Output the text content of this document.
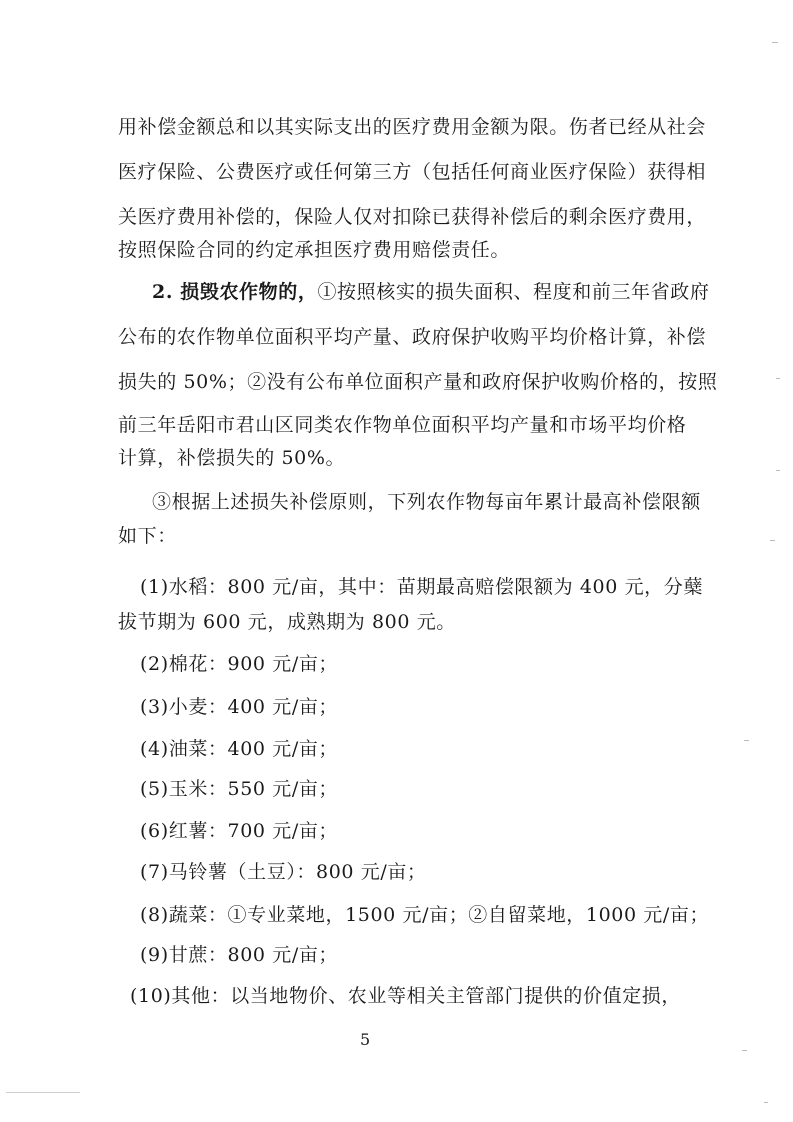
用补偿金额总和以其实际支出的医疗费用金额为限。伤者已经从社会
医疗保险、公费医疗或任何第三方（包括任何商业医疗保险）获得相
关医疗费用补偿的，保险人仅对扣除已获得补偿后的剩余医疗费用，
按照保险合同的约定承担医疗费用赔偿责任。
2. 损毁农作物的，①按照核实的损失面积、程度和前三年省政府
公布的农作物单位面积平均产量、政府保护收购平均价格计算，补偿
损失的 50%；②没有公布单位面积产量和政府保护收购价格的，按照
前三年岳阳市君山区同类农作物单位面积平均产量和市场平均价格
计算，补偿损失的 50%。
③根据上述损失补偿原则，下列农作物每亩年累计最高补偿限额
如下：
(1)水稻：800 元/亩，其中：苗期最高赔偿限额为 400 元，分蘖
拔节期为 600 元，成熟期为 800 元。
(2)棉花：900 元/亩；
(3)小麦：400 元/亩；
(4)油菜：400 元/亩；
(5)玉米：550 元/亩；
(6)红薯：700 元/亩；
(7)马铃薯（土豆）：800 元/亩；
(8)蔬菜：①专业菜地，1500 元/亩；②自留菜地，1000 元/亩；
(9)甘蔗：800 元/亩；
(10)其他：以当地物价、农业等相关主管部门提供的价值定损，
5
